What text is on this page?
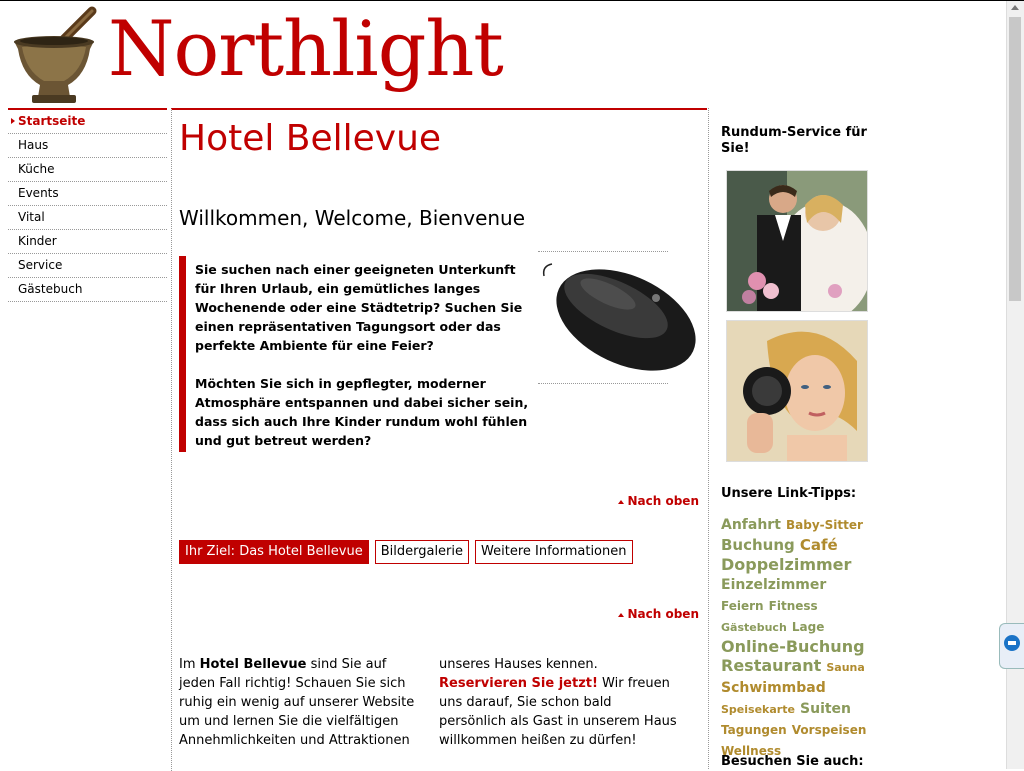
Northlight
Startseite
Haus
Küche
Events
Vital
Kinder
Service
Gästebuch
Hotel Bellevue
Willkommen, Welcome, Bienvenue

Sie suchen nach einer geeigneten Unterkunft für Ihren Urlaub, ein gemütliches langes Wochenende oder eine Städtetrip? Suchen Sie einen repräsentativen Tagungsort oder das perfekte Ambiente für eine Feier?

Möchten Sie sich in gepflegter, moderner Atmosphäre entspannen und dabei sicher sein, dass sich auch Ihre Kinder rundum wohl fühlen und gut betreut werden?

Nach oben
Ihr Ziel: Das Hotel Bellevue	Bildergalerie	Weitere Informationen
Nach oben
Im Hotel Bellevue sind Sie auf jeden Fall richtig! Schauen Sie sich ruhig ein wenig auf unserer Website um und lernen Sie die vielfältigen Annehmlichkeiten und Attraktionen
unseres Hauses kennen. Reservieren Sie jetzt! Wir freuen uns darauf, Sie schon bald persönlich als Gast in unserem Haus willkommen heißen zu dürfen!
Rundum-Service für Sie!
Unsere Link-Tipps:
Anfahrt Baby-Sitter Buchung Café Doppelzimmer Einzelzimmer Feiern Fitness Gästebuch Lage Online-Buchung Restaurant Sauna Schwimmbad Speisekarte Suiten Tagungen Vorspeisen Wellness
Besuchen Sie auch:
